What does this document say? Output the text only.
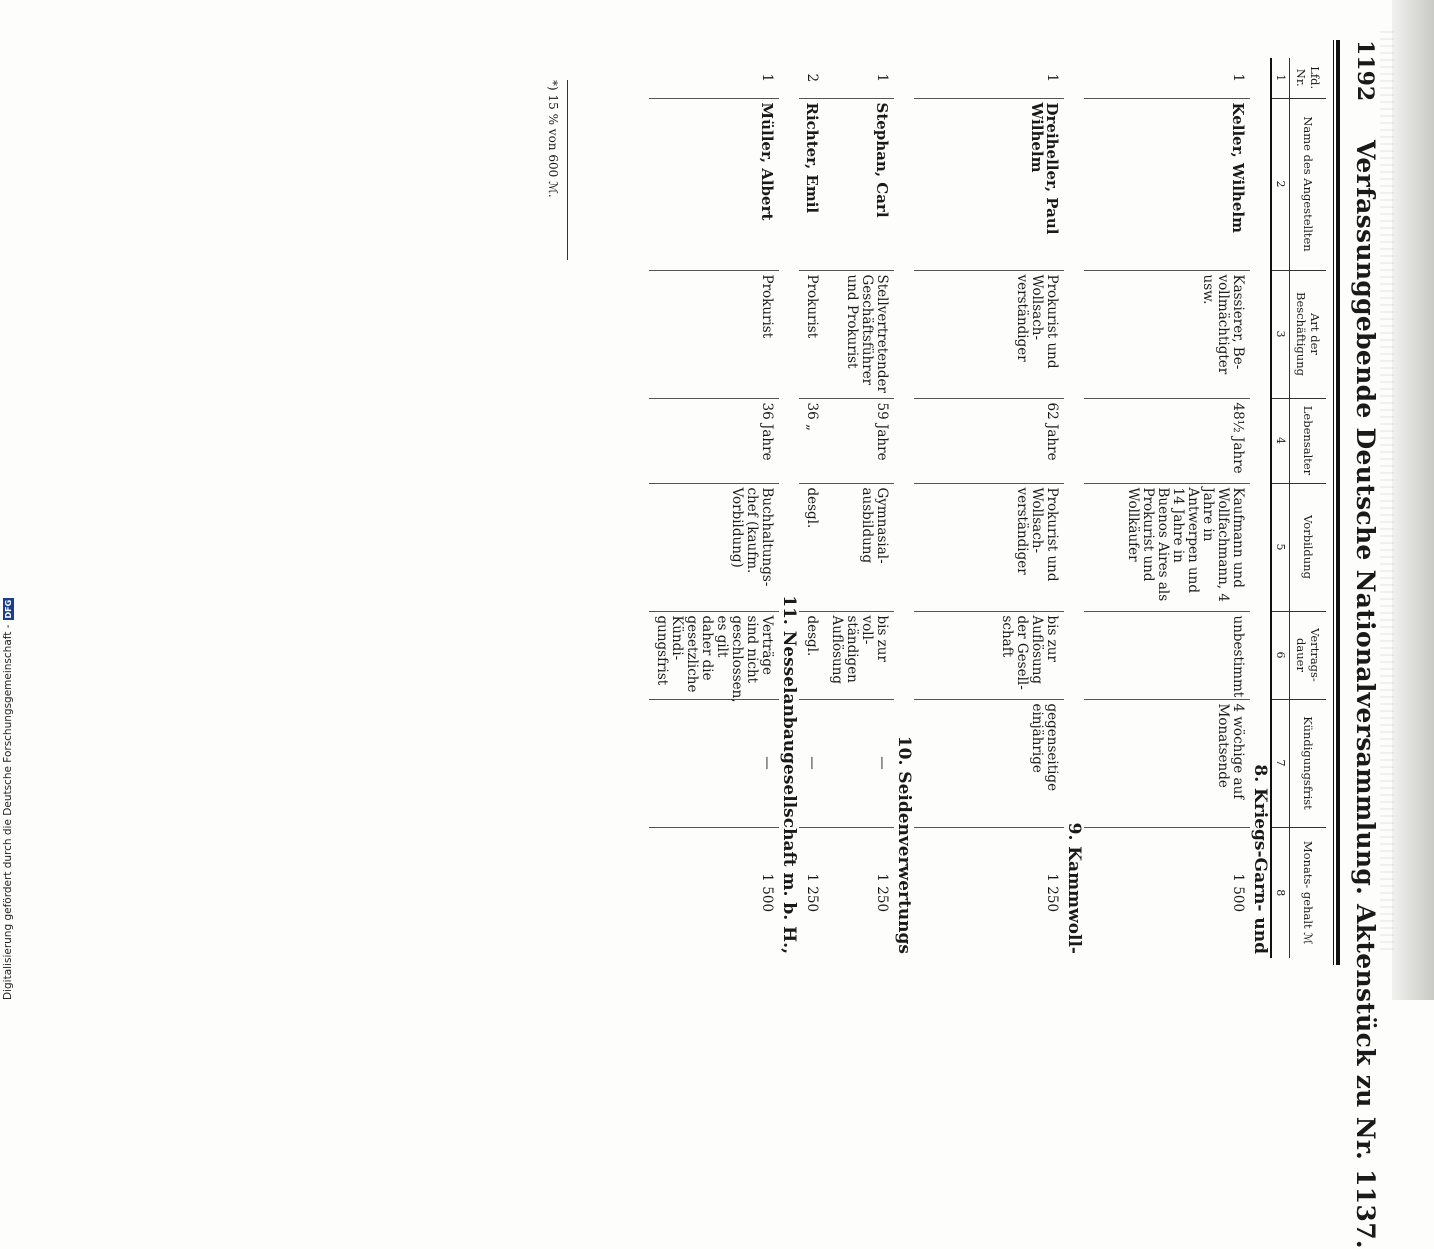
1192
Verfassunggebende Deutsche Nationalversammlung. Aktenstück zu Nr. 1137.
Lfd. Nr.	Name des Angestellten	Art der Beschäftigung	Lebensalter	Vorbildung	Vertrags- dauer	Kündigungsfrist	Monats- gehalt ℳ
1	2	3	4	5	6	7	8
8. Kriegs-Garn- und							
1	Keller, Wilhelm	Kassierer, Be- vollmächtigter usw.	48½ Jahre	Kaufmann und Wollfachmann, 4 Jahre in Antwerpen und 14 Jahre in Buenos Aires als Prokurist und Wollkäufer	unbestimmt	4 wöchige auf Monatsende	1 500

9. Kammwoll-							
1	Dreiheller, Paul Wilhelm	Prokurist und Wollsach- verständiger	62 Jahre	Prokurist und Wollsach- verständiger	bis zur Auflösung der Gesell- schaft	gegenseitige einjährige	1 250

10. Seidenverwertungs							
1	Stephan, Carl	Stellvertretender Geschäftsführer und Prokurist	59 Jahre	Gymnasial- ausbildung	bis zur voll- ständigen Auflösung	—	1 250
2	Richter, Emil	Prokurist	36 „	desgl.	desgl.	—	1 250
11. Nesselanbaugesellschaft m. b. H.,							
1	Müller, Albert	Prokurist	36 Jahre	Buchhaltungs- chef (kaufm. Vorbildung)	Verträge sind nicht geschlossen, es gilt daher die gesetzliche Kündi- gungsfrist	—	1 500
*) 15 % von 600 ℳ.
Digitalisierung gefördert durch die Deutsche Forschungsgemeinschaft -DFG
